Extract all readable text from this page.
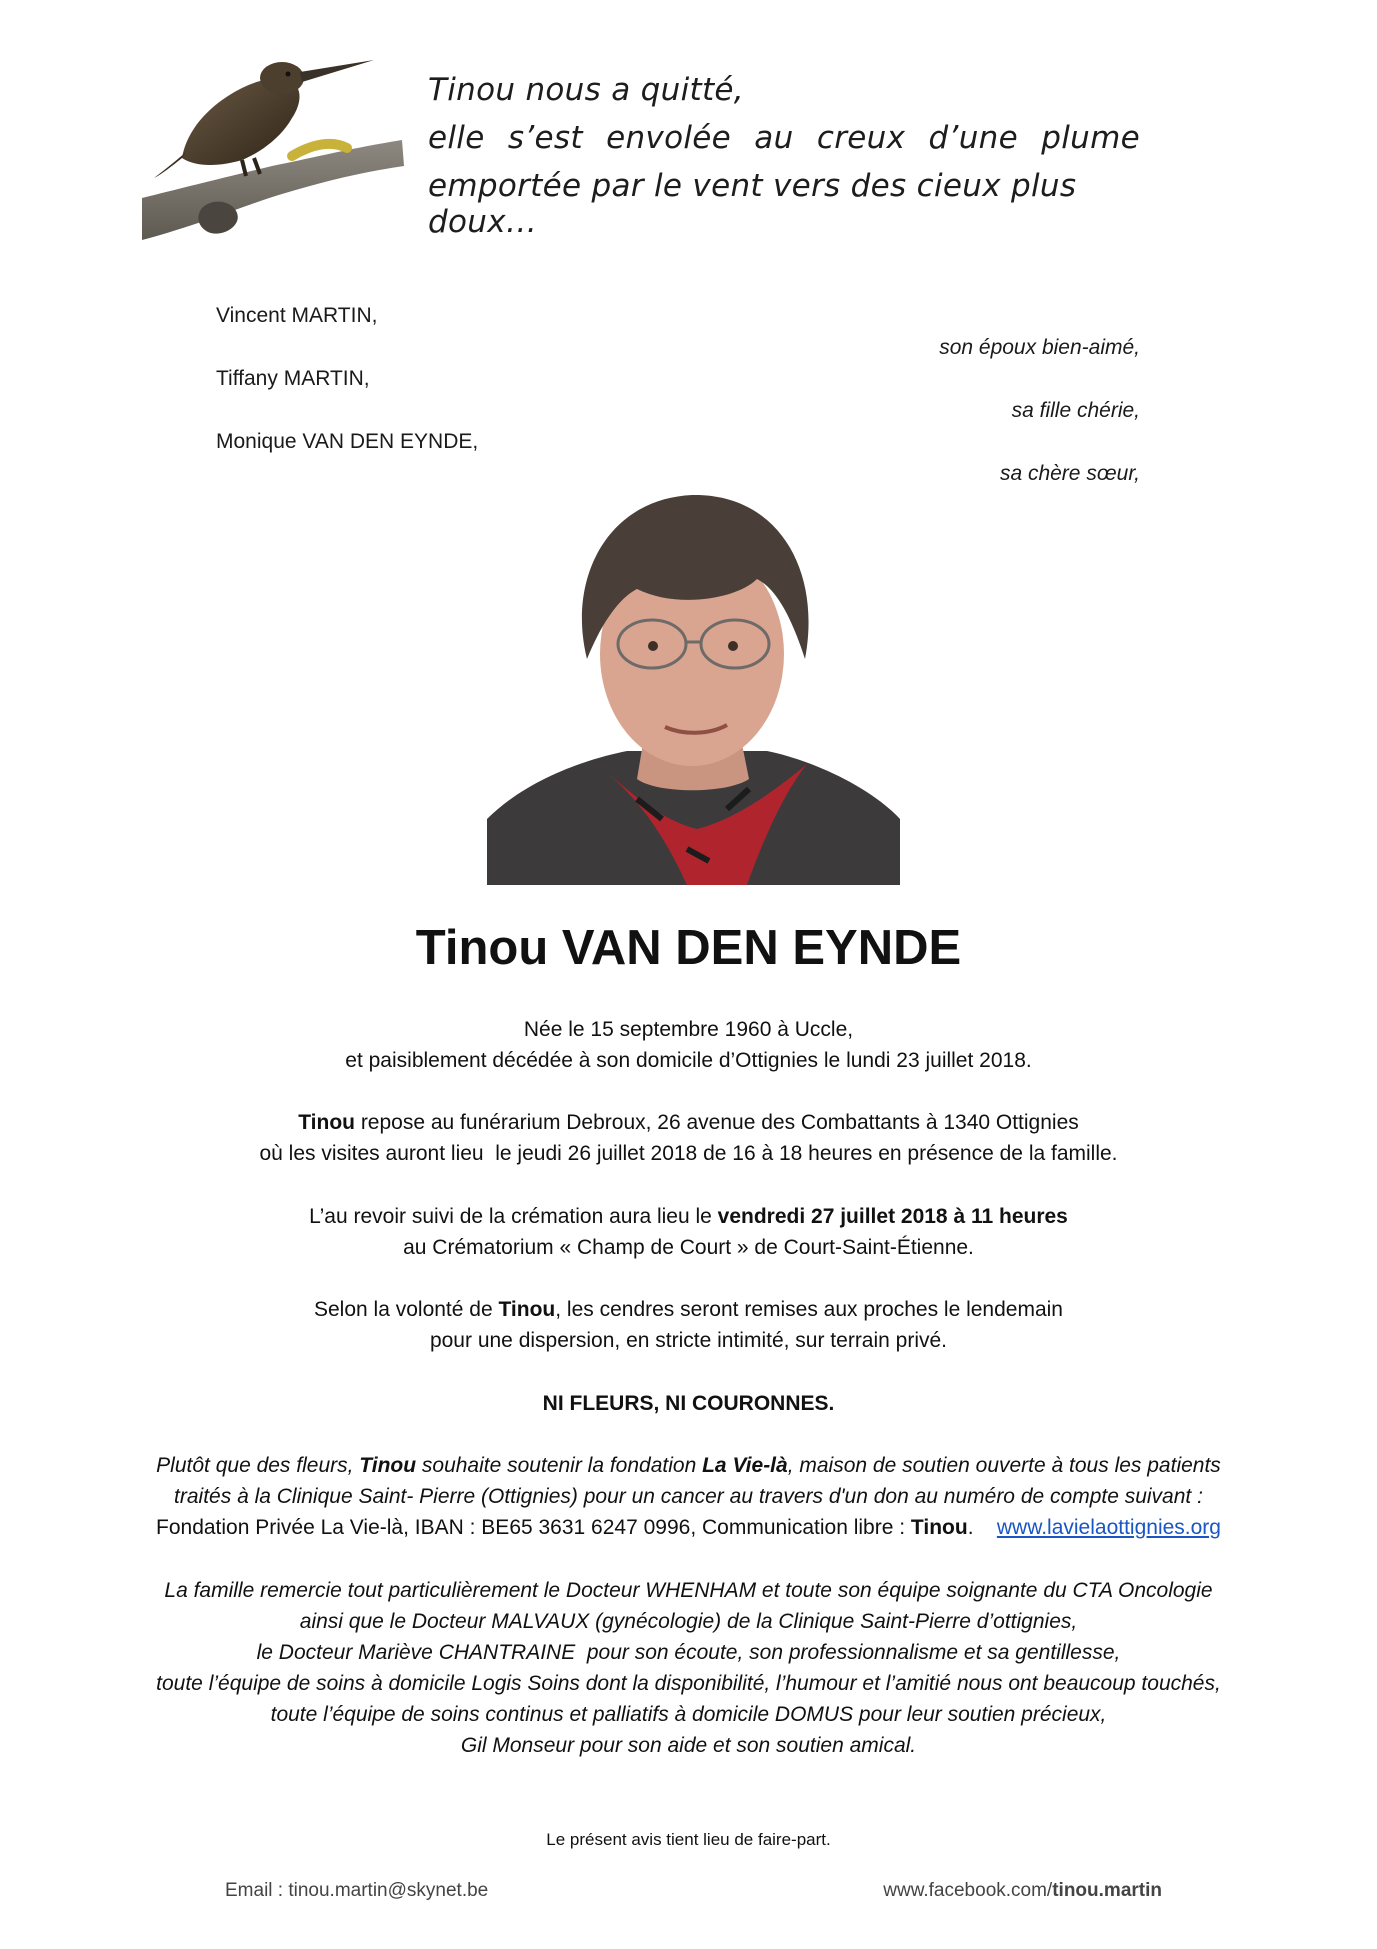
Tinou nous a quitté,
elle s’est envolée au creux d’une plume
emportée par le vent vers des cieux plus doux…
Vincent MARTIN,
son époux bien-aimé,
Tiffany MARTIN,
sa fille chérie,
Monique VAN DEN EYNDE,
sa chère sœur,
Tinou VAN DEN EYNDE
Née le 15 septembre 1960 à Uccle,
et paisiblement décédée à son domicile d’Ottignies le lundi 23 juillet 2018.
Tinou repose au funérarium Debroux, 26 avenue des Combattants à 1340 Ottignies
où les visites auront lieu  le jeudi 26 juillet 2018 de 16 à 18 heures en présence de la famille.
L’au revoir suivi de la crémation aura lieu le vendredi 27 juillet 2018 à 11 heures
au Crématorium « Champ de Court » de Court-Saint-Étienne.
Selon la volonté de Tinou, les cendres seront remises aux proches le lendemain
pour une dispersion, en stricte intimité, sur terrain privé.
NI FLEURS, NI COURONNES.
Plutôt que des fleurs, Tinou souhaite soutenir la fondation La Vie-là, maison de soutien ouverte à tous les patients
traités à la Clinique Saint- Pierre (Ottignies) pour un cancer au travers d'un don au numéro de compte suivant :
Fondation Privée La Vie-là, IBAN : BE65 3631 6247 0996, Communication libre : Tinou.    www.lavielaottignies.org
La famille remercie tout particulièrement le Docteur WHENHAM et toute son équipe soignante du CTA Oncologie
ainsi que le Docteur MALVAUX (gynécologie) de la Clinique Saint-Pierre d’ottignies,
le Docteur Mariève CHANTRAINE  pour son écoute, son professionnalisme et sa gentillesse,
toute l’équipe de soins à domicile Logis Soins dont la disponibilité, l’humour et l’amitié nous ont beaucoup touchés,
toute l’équipe de soins continus et palliatifs à domicile DOMUS pour leur soutien précieux,
Gil Monseur pour son aide et son soutien amical.
Le présent avis tient lieu de faire-part.
Email : tinou.martin@skynet.be	www.facebook.com/tinou.martin
